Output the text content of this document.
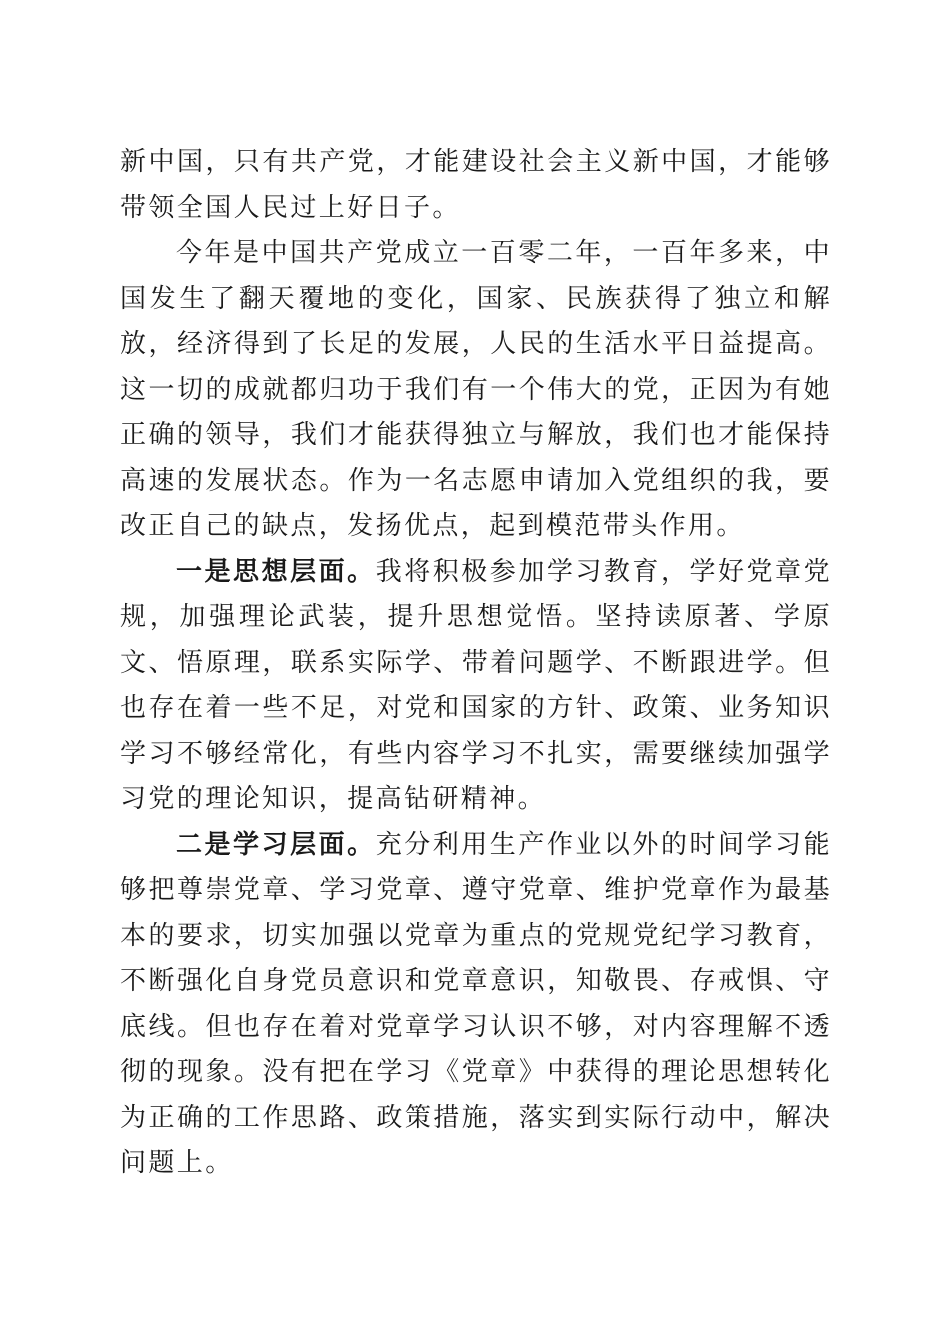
新中国，只有共产党，才能建设社会主义新中国，才能够带领全国人民过上好日子。

今年是中国共产党成立一百零二年，一百年多来，中国发生了翻天覆地的变化，国家、民族获得了独立和解放，经济得到了长足的发展，人民的生活水平日益提高。这一切的成就都归功于我们有一个伟大的党，正因为有她正确的领导，我们才能获得独立与解放，我们也才能保持高速的发展状态。作为一名志愿申请加入党组织的我，要改正自己的缺点，发扬优点，起到模范带头作用。

一是思想层面。我将积极参加学习教育，学好党章党规，加强理论武装，提升思想觉悟。坚持读原著、学原文、悟原理，联系实际学、带着问题学、不断跟进学。但也存在着一些不足，对党和国家的方针、政策、业务知识学习不够经常化，有些内容学习不扎实，需要继续加强学习党的理论知识，提高钻研精神。

二是学习层面。充分利用生产作业以外的时间学习能够把尊崇党章、学习党章、遵守党章、维护党章作为最基本的要求，切实加强以党章为重点的党规党纪学习教育，不断强化自身党员意识和党章意识，知敬畏、存戒惧、守底线。但也存在着对党章学习认识不够，对内容理解不透彻的现象。没有把在学习《党章》中获得的理论思想转化为正确的工作思路、政策措施，落实到实际行动中，解决问题上。
